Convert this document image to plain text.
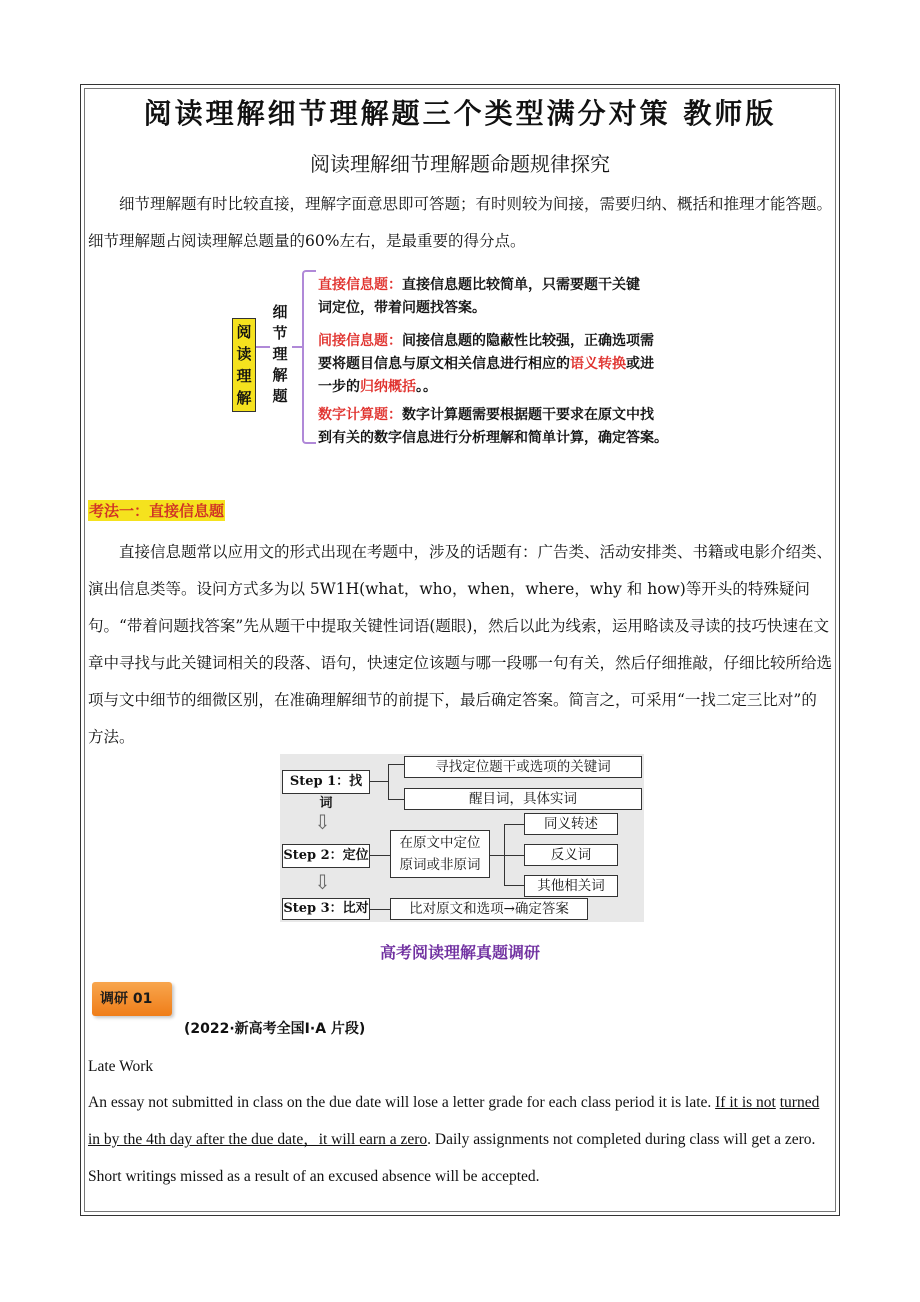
阅读理解细节理解题三个类型满分对策 教师版
阅读理解细节理解题命题规律探究
细节理解题有时比较直接，理解字面意思即可答题；有时则较为间接，需要归纳、概括和推理才能答题。细节理解题占阅读理解总题量的60%左右，是最重要的得分点。
阅读理解
细节理解题
直接信息题：直接信息题比较简单，只需要题干关键
词定位，带着问题找答案。
间接信息题：间接信息题的隐蔽性比较强，正确选项需
要将题目信息与原文相关信息进行相应的语义转换或进
一步的归纳概括。。
数字计算题：数字计算题需要根据题干要求在原文中找
到有关的数字信息进行分析理解和简单计算，确定答案。
考法一：直接信息题
直接信息题常以应用文的形式出现在考题中，涉及的话题有：广告类、活动安排类、书籍或电影介绍类、演出信息类等。设问方式多为以 5W1H(what，who，when，where，why 和 how)等开头的特殊疑问句。 “带着问题找答案”先从题干中提取关键性词语(题眼)，然后以此为线索，运用略读及寻读的技巧快速在文章中寻找与此关键词相关的段落、语句，快速定位该题与哪一段哪一句有关，然后仔细推敲，仔细比较所给选项与文中细节的细微区别，在准确理解细节的前提下，最后确定答案。简言之，可采用“一找二定三比对”的方法。
Step 1：找 词
寻找定位题干或选项的关键词
醒目词，具体实词
⇩
Step 2：定位
在原文中定位
原词或非原词
同义转述
反义词
其他相关词
⇩
Step 3：比对	比对原文和选项→确定答案
高考阅读理解真题调研
调研 01
(2022·新高考全国Ⅰ·A 片段)
Late Work
An essay not submitted in class on the due date will lose a letter grade for each class period it is late. If it is not turned in by the 4th day after the due date，it will earn a zero. Daily assignments not completed during class will get a zero. Short writings missed as a result of an excused absence will be accepted.
